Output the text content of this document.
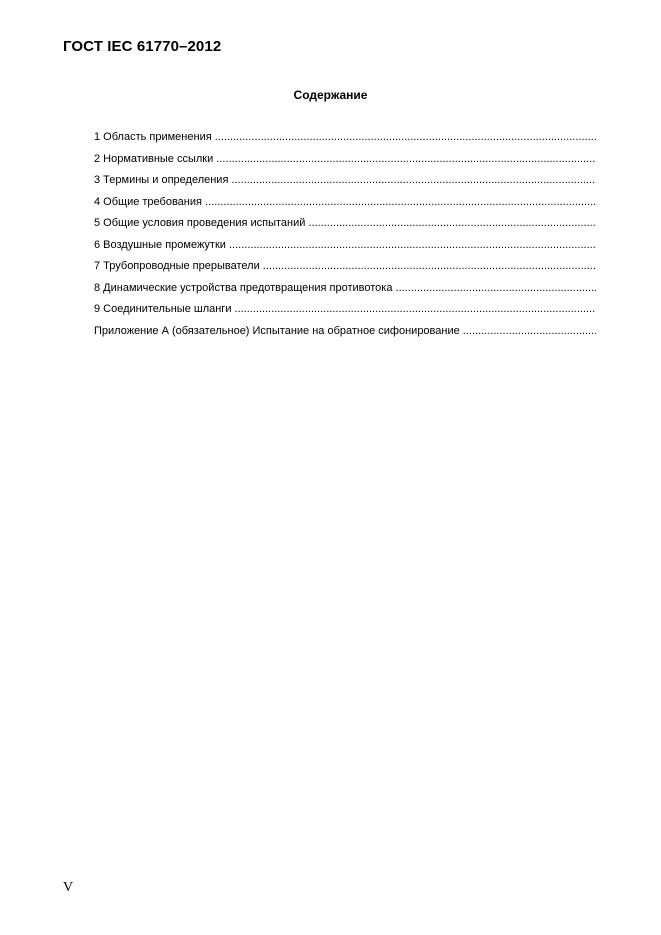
ГОСТ IEC 61770–2012
Содержание
1 Область применения .....
2 Нормативные ссылки .....
3 Термины и определения .....
4 Общие требования .....
5 Общие условия проведения испытаний .....
6 Воздушные промежутки .....
7 Трубопроводные прерыватели .....
8 Динамические устройства предотвращения противотока .....
9 Соединительные шланги .....
Приложение А (обязательное) Испытание на обратное сифонирование .....
V
